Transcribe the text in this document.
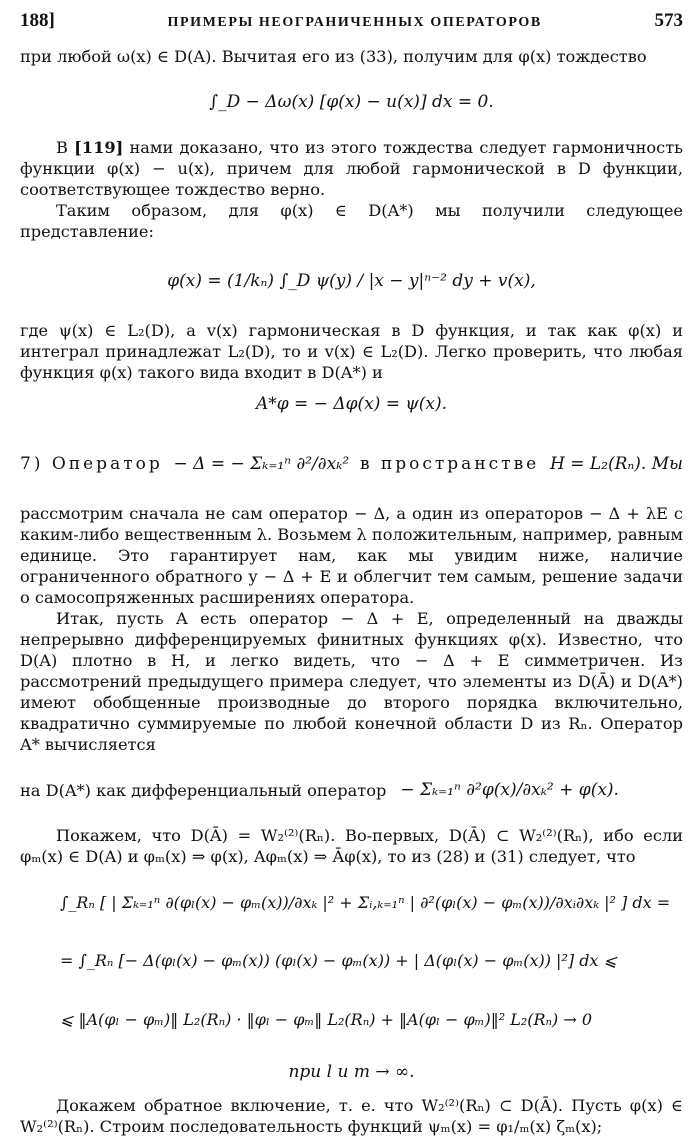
188]	ПРИМЕРЫ НЕОГРАНИЧЕННЫХ ОПЕРАТОРОВ	573

при любой ω(x) ∈ D(A). Вычитая его из (33), получим для φ(x) тождество

∫_D − Δω(x) [φ(x) − u(x)] dx = 0.

В [119] нами доказано, что из этого тождества следует гармоничность функции φ(x) − u(x), причем для любой гармонической в D функции, соответствующее тождество верно.

Таким образом, для φ(x) ∈ D(A*) мы получили следующее представление:

φ(x) = (1/kₙ) ∫_D ψ(y) / |x − y|ⁿ⁻² dy + v(x),

где ψ(x) ∈ L₂(D), а v(x) гармоническая в D функция, и так как φ(x) и интеграл принадлежат L₂(D), то и v(x) ∈ L₂(D). Легко проверить, что любая функция φ(x) такого вида входит в D(A*) и

A*φ = − Δφ(x) = ψ(x).
7) Оператор − Δ = − Σₖ₌₁ⁿ ∂²/∂xₖ² в пространстве H = L₂(Rₙ). Мы

рассмотрим сначала не сам оператор − Δ, а один из операторов − Δ + λE с каким-либо вещественным λ. Возьмем λ положительным, например, равным единице. Это гарантирует нам, как мы увидим ниже, наличие ограниченного обратного у − Δ + E и облегчит тем самым, решение задачи о самосопряженных расширениях оператора.

Итак, пусть A есть оператор − Δ + E, определенный на дважды непрерывно дифференцируемых финитных функциях φ(x). Известно, что D(A) плотно в H, и легко видеть, что − Δ + E симметричен. Из рассмотрений предыдущего примера следует, что элементы из D(Ā) и D(A*) имеют обобщенные производные до второго порядка включительно, квадратично суммируемые по любой конечной области D из Rₙ. Оператор A* вычисляется

на D(A*) как дифференциальный оператор − Σₖ₌₁ⁿ ∂²φ(x)/∂xₖ² + φ(x).

Покажем, что D(Ā) = W₂⁽²⁾(Rₙ). Во-первых, D(Ā) ⊂ W₂⁽²⁾(Rₙ), ибо если φₘ(x) ∈ D(A) и φₘ(x) ⇒ φ(x), Aφₘ(x) ⇒ Āφ(x), то из (28) и (31) следует, что

∫_Rₙ [ | Σₖ₌₁ⁿ ∂(φₗ(x) − φₘ(x))/∂xₖ |² + Σᵢ,ₖ₌₁ⁿ | ∂²(φₗ(x) − φₘ(x))/∂xᵢ∂xₖ |² ] dx =
= ∫_Rₙ [− Δ(φₗ(x) − φₘ(x)) (φₗ(x) − φₘ(x)) + | Δ(φₗ(x) − φₘ(x)) |²] dx ⩽
⩽ ‖A(φₗ − φₘ)‖ L₂(Rₙ) · ‖φₗ − φₘ‖ L₂(Rₙ) + ‖A(φₗ − φₘ)‖² L₂(Rₙ) → 0
при l и m → ∞.

Докажем обратное включение, т. е. что W₂⁽²⁾(Rₙ) ⊂ D(Ā). Пусть φ(x) ∈ W₂⁽²⁾(Rₙ). Строим последовательность функций ψₘ(x) = φ₁/ₘ(x) ζₘ(x);
